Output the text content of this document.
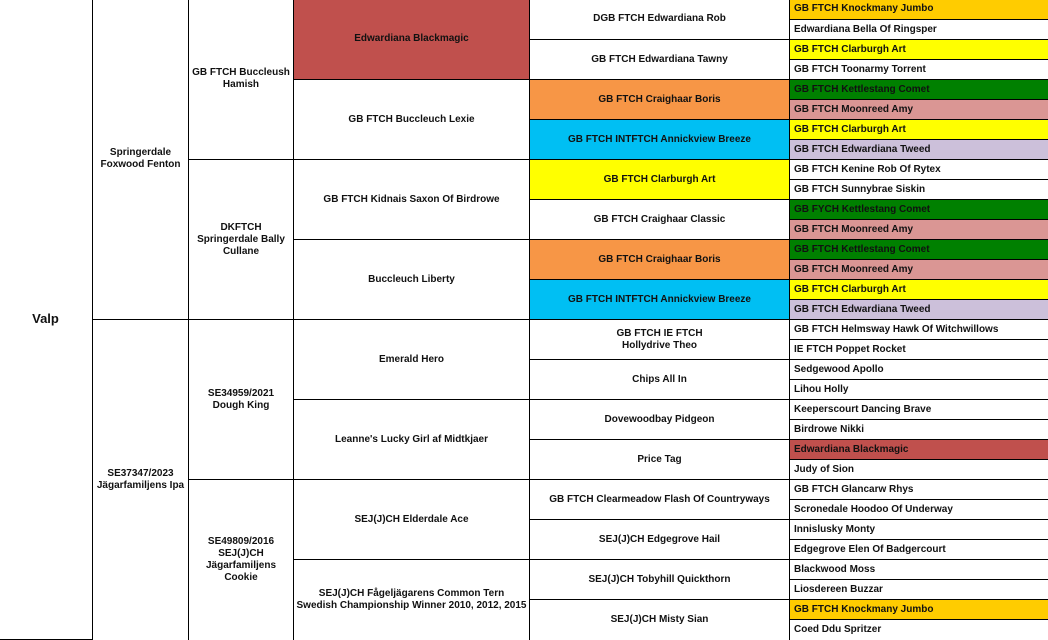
Valp
Springerdale
Foxwood Fenton
SE37347/2023
Jägarfamiljens Ipa
GB FTCH Buccleush
Hamish
DKFTCH
Springerdale Bally
Cullane
SE34959/2021
Dough King
SE49809/2016
SEJ(J)CH
Jägarfamiljens
Cookie
Edwardiana Blackmagic
GB FTCH Buccleuch Lexie
GB FTCH Kidnais Saxon Of Birdrowe
Buccleuch Liberty
Emerald Hero
Leanne's Lucky Girl af Midtkjaer
SEJ(J)CH Elderdale Ace
SEJ(J)CH Fågeljägarens Common Tern
Swedish Championship Winner 2010, 2012, 2015
DGB FTCH Edwardiana Rob
GB FTCH Edwardiana Tawny
GB FTCH Craighaar Boris
GB FTCH INTFTCH Annickview Breeze
GB FTCH Clarburgh Art
GB FTCH Craighaar Classic
GB FTCH Craighaar Boris
GB FTCH INTFTCH Annickview Breeze
GB FTCH IE FTCH
Hollydrive Theo
Chips All In
Dovewoodbay Pidgeon
Price Tag
GB FTCH Clearmeadow Flash Of Countryways
SEJ(J)CH Edgegrove Hail
SEJ(J)CH Tobyhill Quickthorn
SEJ(J)CH Misty Sian
GB FTCH Knockmany Jumbo
Edwardiana Bella Of Ringsper
GB FTCH Clarburgh Art
GB FTCH Toonarmy Torrent
GB FTCH Kettlestang Comet
GB FTCH Moonreed Amy
GB FTCH Clarburgh Art
GB FTCH Edwardiana Tweed
GB FTCH Kenine Rob Of Rytex
GB FTCH Sunnybrae Siskin
GB FYCH Kettlestang Comet
GB FTCH Moonreed Amy
GB FTCH Kettlestang Comet
GB FTCH Moonreed Amy
GB FTCH Clarburgh Art
GB FTCH Edwardiana Tweed
GB FTCH Helmsway Hawk Of Witchwillows
IE FTCH Poppet Rocket
Sedgewood Apollo
Lihou Holly
Keeperscourt Dancing Brave
Birdrowe Nikki
Edwardiana Blackmagic
Judy of Sion
GB FTCH Glancarw Rhys
Scronedale Hoodoo Of Underway
Innislusky Monty
Edgegrove Elen Of Badgercourt
Blackwood Moss
Liosdereen Buzzar
GB FTCH Knockmany Jumbo
Coed Ddu Spritzer
